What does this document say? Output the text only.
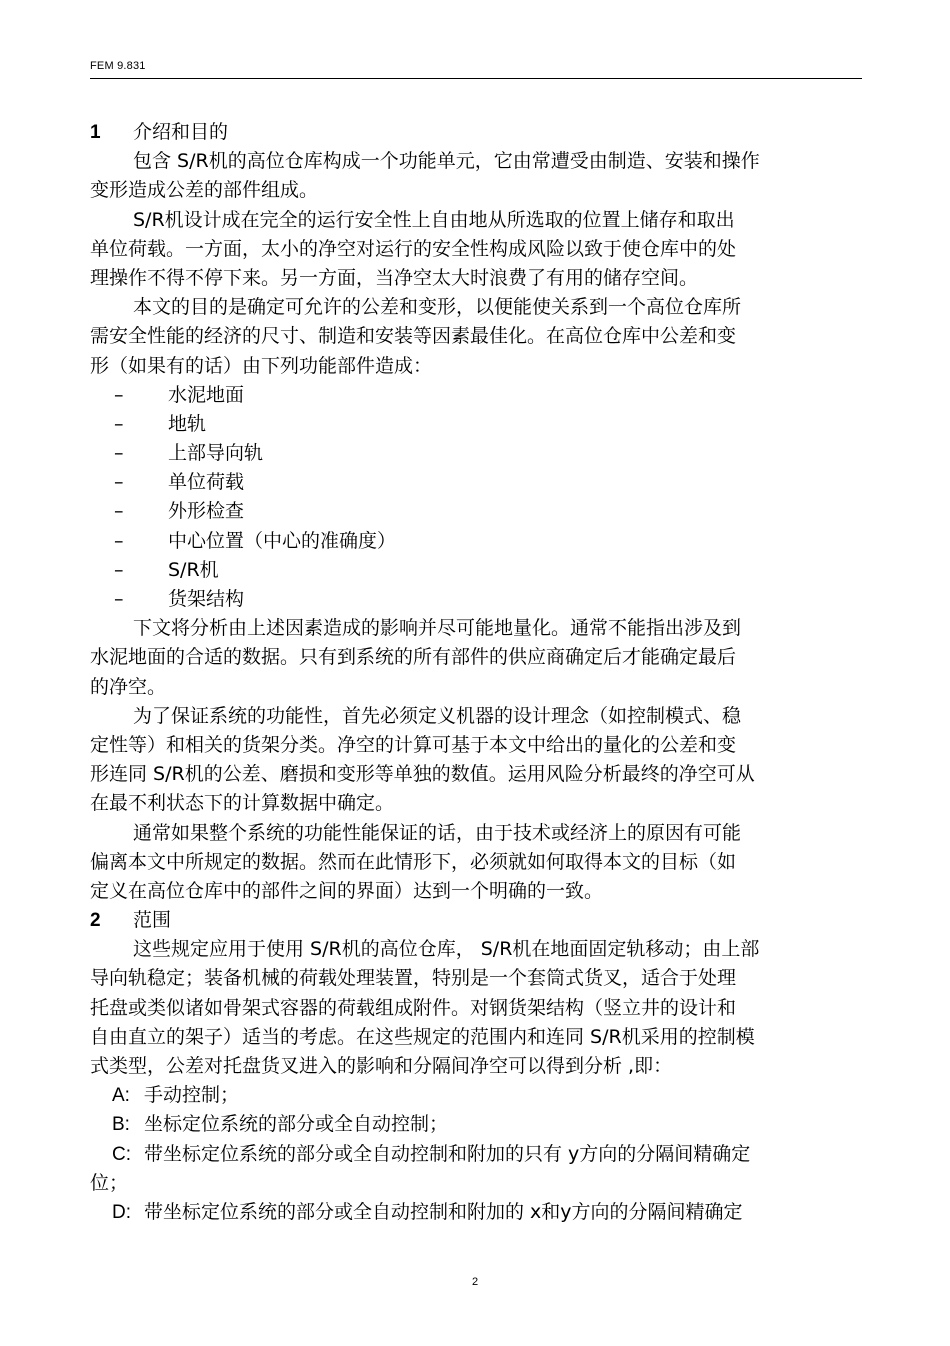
FEM 9.831
1 介绍和目的
包含 S/R机的高位仓库构成一个功能单元，它由常遭受由制造、安装和操作
变形造成公差的部件组成。
S/R机设计成在完全的运行安全性上自由地从所选取的位置上储存和取出
单位荷载。一方面，太小的净空对运行的安全性构成风险以致于使仓库中的处
理操作不得不停下来。另一方面，当净空太大时浪费了有用的储存空间。
本文的目的是确定可允许的公差和变形，以便能使关系到一个高位仓库所
需安全性能的经济的尺寸、制造和安装等因素最佳化。在高位仓库中公差和变
形（如果有的话）由下列功能部件造成：
–	水泥地面
–	地轨
–	上部导向轨
–	单位荷载
–	外形检查
–	中心位置（中心的准确度）
–	S/R机
–	货架结构
下文将分析由上述因素造成的影响并尽可能地量化。通常不能指出涉及到
水泥地面的合适的数据。只有到系统的所有部件的供应商确定后才能确定最后
的净空。
为了保证系统的功能性，首先必须定义机器的设计理念（如控制模式、稳
定性等）和相关的货架分类。净空的计算可基于本文中给出的量化的公差和变
形连同 S/R机的公差、磨损和变形等单独的数值。运用风险分析最终的净空可从
在最不利状态下的计算数据中确定。
通常如果整个系统的功能性能保证的话，由于技术或经济上的原因有可能
偏离本文中所规定的数据。然而在此情形下，必须就如何取得本文的目标（如
定义在高位仓库中的部件之间的界面）达到一个明确的一致。
2 范围
这些规定应用于使用 S/R机的高位仓库， S/R机在地面固定轨移动；由上部
导向轨稳定；装备机械的荷载处理装置，特别是一个套筒式货叉，适合于处理
托盘或类似诸如骨架式容器的荷载组成附件。对钢货架结构（竖立井的设计和
自由直立的架子）适当的考虑。在这些规定的范围内和连同 S/R机采用的控制模
式类型，公差对托盘货叉进入的影响和分隔间净空可以得到分析 ,即：
A: 手动控制；
B: 坐标定位系统的部分或全自动控制；
C: 带坐标定位系统的部分或全自动控制和附加的只有 y方向的分隔间精确定
位；
D: 带坐标定位系统的部分或全自动控制和附加的 x和y方向的分隔间精确定
2
